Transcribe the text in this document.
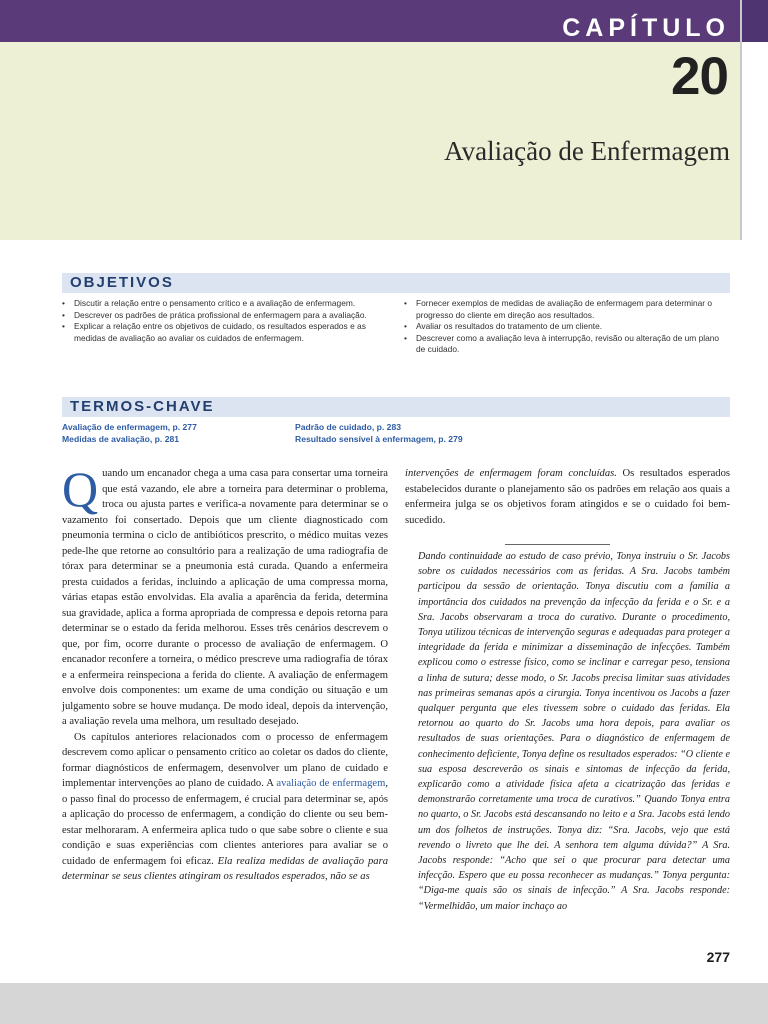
CAPÍTULO
20
Avaliação de Enfermagem
OBJETIVOS
• Discutir a relação entre o pensamento crítico e a avaliação de enfermagem.
• Descrever os padrões de prática profissional de enfermagem para a avaliação.
• Explicar a relação entre os objetivos de cuidado, os resultados esperados e as medidas de avaliação ao avaliar os cuidados de enfermagem.
• Fornecer exemplos de medidas de avaliação de enfermagem para determinar o progresso do cliente em direção aos resultados.
• Avaliar os resultados do tratamento de um cliente.
• Descrever como a avaliação leva à interrupção, revisão ou alteração de um plano de cuidado.
TERMOS-CHAVE
Avaliação de enfermagem, p. 277
Medidas de avaliação, p. 281
Padrão de cuidado, p. 283
Resultado sensível à enfermagem, p. 279

Quando um encanador chega a uma casa para consertar uma torneira que está vazando, ele abre a torneira para determinar o problema, troca ou ajusta partes e verifica-a novamente para determinar se o vazamento foi consertado. Depois que um cliente diagnosticado com pneumonia termina o ciclo de antibióticos prescrito, o médico muitas vezes pede-lhe que retorne ao consultório para a realização de uma radiografia de tórax para determinar se a pneumonia está curada. Quando a enfermeira presta cuidados a feridas, incluindo a aplicação de uma compressa morna, várias etapas estão envolvidas. Ela avalia a aparência da ferida, determina sua gravidade, aplica a forma apropriada de compressa e depois retorna para determinar se o estado da ferida melhorou. Esses três cenários descrevem o que, por fim, ocorre durante o processo de avaliação de enfermagem. O encanador reconfere a torneira, o médico prescreve uma radiografia de tórax e a enfermeira reinspeciona a ferida do cliente. A avaliação de enfermagem envolve dois componentes: um exame de uma condição ou situação e um julgamento sobre se houve mudança. De modo ideal, depois da intervenção, a avaliação revela uma melhora, um resultado desejado.

Os capítulos anteriores relacionados com o processo de enfermagem descrevem como aplicar o pensamento crítico ao coletar os dados do cliente, formar diagnósticos de enfermagem, desenvolver um plano de cuidado e implementar intervenções ao plano de cuidado. A avaliação de enfermagem, o passo final do processo de enfermagem, é crucial para determinar se, após a aplicação do processo de enfermagem, a condição do cliente ou seu bem-estar melhoraram. A enfermeira aplica tudo o que sabe sobre o cliente e sua condição e suas experiências com clientes anteriores para avaliar se o cuidado de enfermagem foi eficaz. Ela realiza medidas de avaliação para determinar se seus clientes atingiram os resultados esperados, não se as

intervenções de enfermagem foram concluídas. Os resultados esperados estabelecidos durante o planejamento são os padrões em relação aos quais a enfermeira julga se os objetivos foram atingidos e se o cuidado foi bem-sucedido.

Dando continuidade ao estudo de caso prévio, Tonya instruiu o Sr. Jacobs sobre os cuidados necessários com as feridas. A Sra. Jacobs também participou da sessão de orientação. Tonya discutiu com a família a importância dos cuidados na prevenção da infecção da ferida e o Sr. e a Sra. Jacobs observaram a troca do curativo. Durante o procedimento, Tonya utilizou técnicas de intervenção seguras e adequadas para proteger a integridade da ferida e minimizar a disseminação de infecções. Também explicou como o estresse físico, como se inclinar e carregar peso, tensiona a linha de sutura; desse modo, o Sr. Jacobs precisa limitar suas atividades nas primeiras semanas após a cirurgia. Tonya incentivou os Jacobs a fazer qualquer pergunta que eles tivessem sobre o cuidado das feridas. Ela retornou ao quarto do Sr. Jacobs uma hora depois, para avaliar os resultados de suas orientações. Para o diagnóstico de enfermagem de conhecimento deficiente, Tonya define os resultados esperados: “O cliente e sua esposa descreverão os sinais e sintomas de infecção da ferida, explicarão como a atividade física afeta a cicatrização das feridas e demonstrarão corretamente uma troca de curativos.” Quando Tonya entra no quarto, o Sr. Jacobs está descansando no leito e a Sra. Jacobs está lendo um dos folhetos de instruções. Tonya diz: “Sra. Jacobs, vejo que está revendo o livreto que lhe dei. A senhora tem alguma dúvida?” A Sra. Jacobs responde: “Acho que sei o que procurar para detectar uma infecção. Espero que eu possa reconhecer as mudanças.” Tonya pergunta: “Diga-me quais são os sinais de infecção.” A Sra. Jacobs responde: “Vermelhidão, um maior inchaço ao

277
